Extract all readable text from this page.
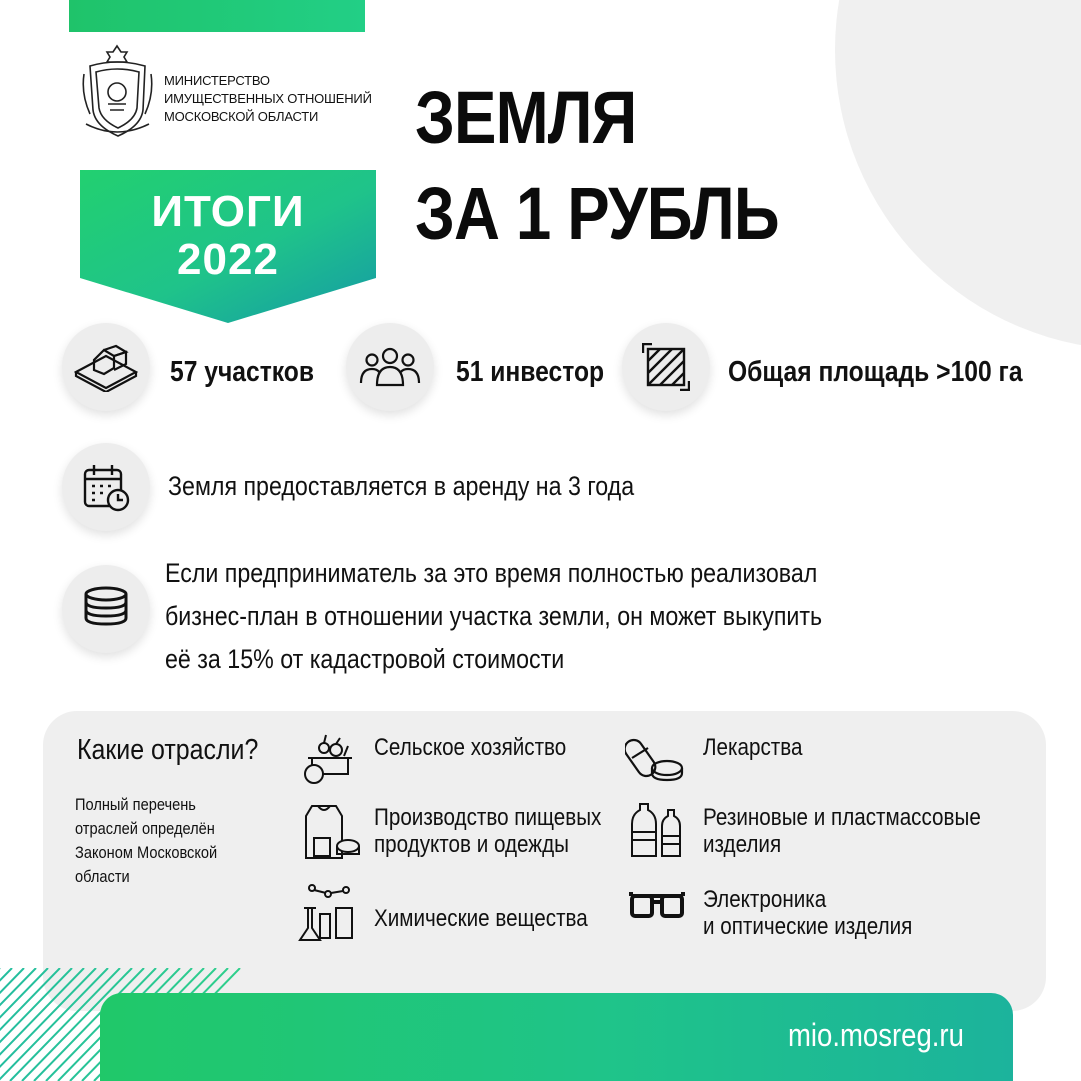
МИНИСТЕРСТВО
ИМУЩЕСТВЕННЫХ ОТНОШЕНИЙ
МОСКОВСКОЙ ОБЛАСТИ
ИТОГИ
2022
ЗЕМЛЯ
ЗА 1 РУБЛЬ
57 участков	51 инвестор	Общая площадь >100 га
Земля предоставляется в аренду на 3 года
Если предприниматель за это время полностью реализовал
бизнес-план в отношении участка земли, он может выкупить
её за 15% от кадастровой стоимости
Какие отрасли?
Полный перечень
отраслей определён
Законом Московской
области
Сельское хозяйство	Лекарства
Производство пищевых
продуктов и одежды
Резиновые и пластмассовые
изделия
Химические вещества
Электроника
и оптические изделия
mio.mosreg.ru
